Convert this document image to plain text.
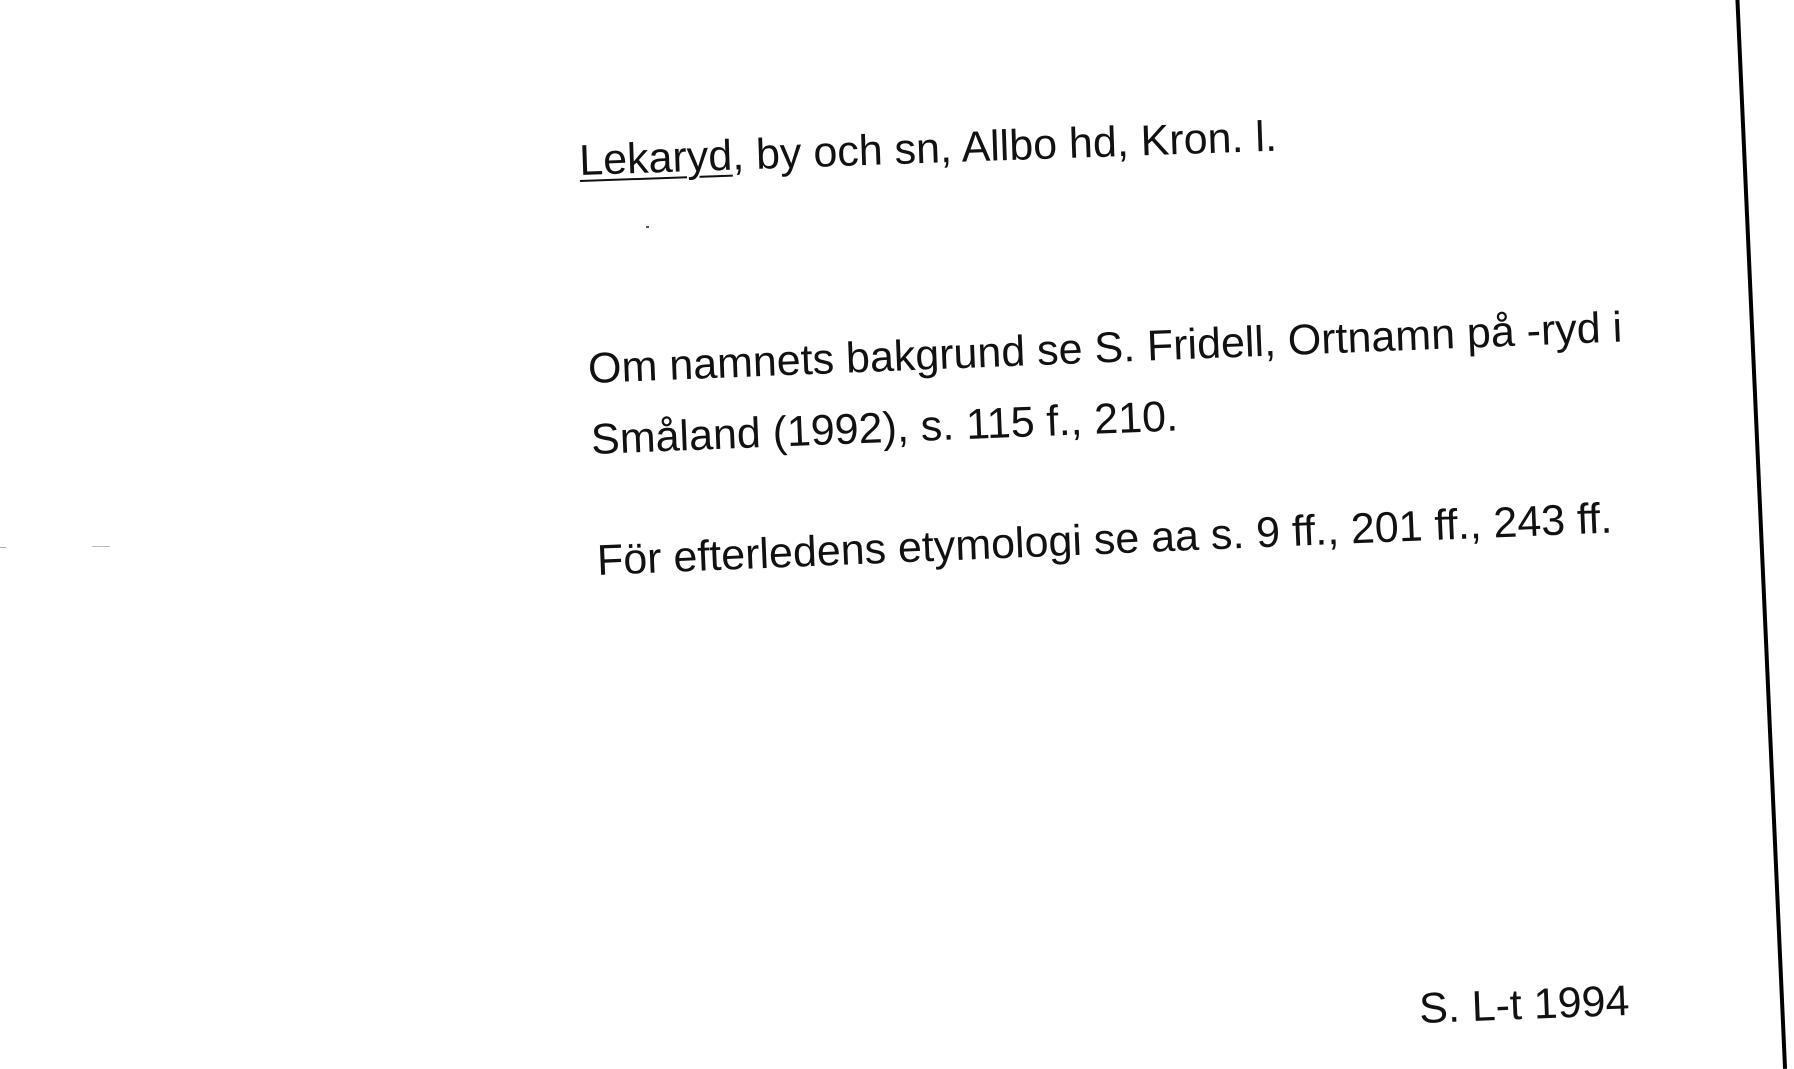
Lekaryd, by och sn, Allbo hd, Kron. l.
Om namnets bakgrund se S. Fridell, Ortnamn på -ryd i
Småland (1992), s. 115 f., 210.
För efterledens etymologi se aa s. 9 ff., 201 ff., 243 ff.
S. L-t 1994
